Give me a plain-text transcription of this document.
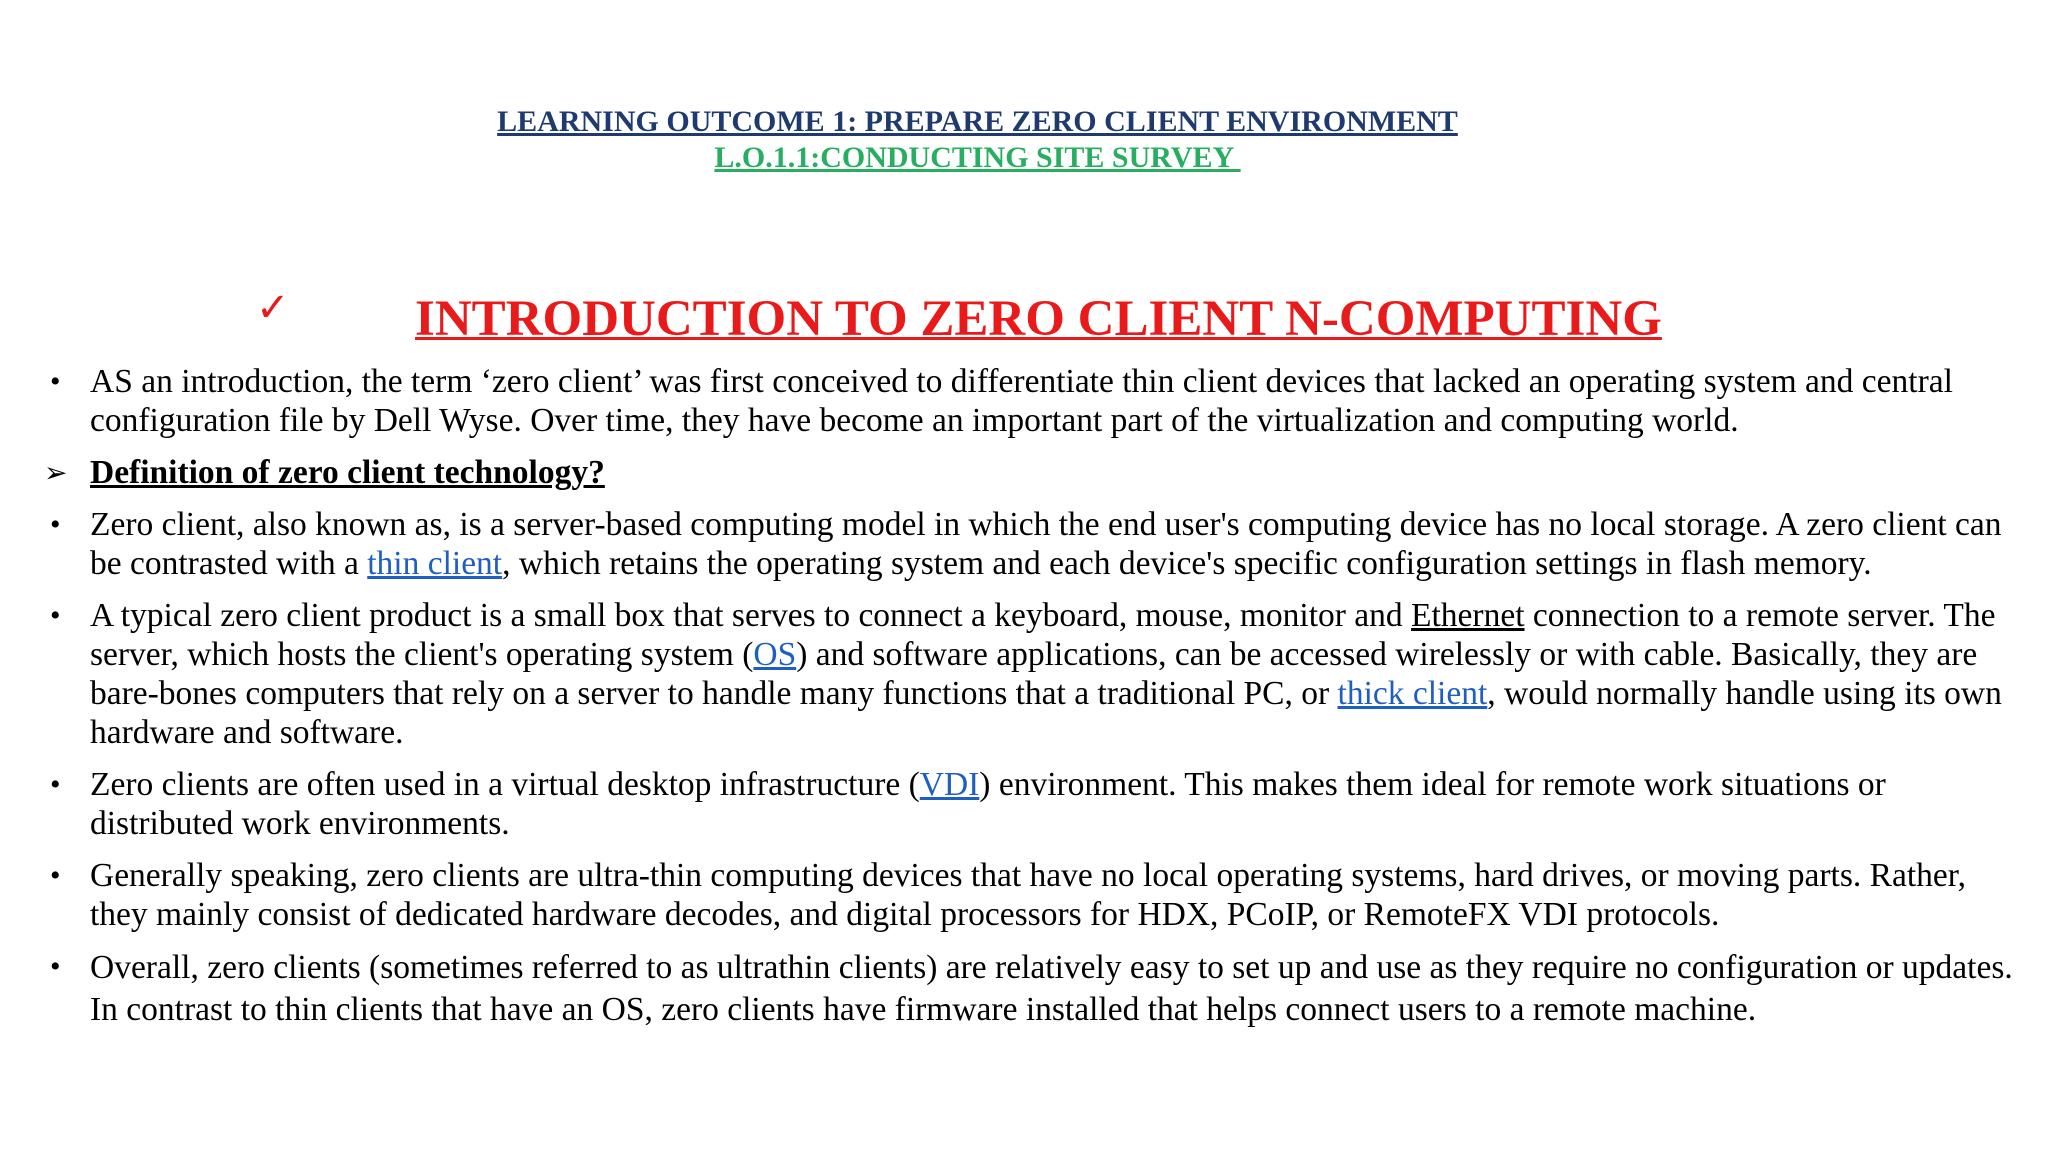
LEARNING OUTCOME 1: PREPARE ZERO CLIENT ENVIRONMENT
L.O.1.1:CONDUCTING SITE SURVEY
✓ INTRODUCTION TO ZERO CLIENT N-COMPUTING
• AS an introduction, the term ‘zero client’ was first conceived to differentiate thin client devices that lacked an operating system and central configuration file by Dell Wyse. Over time, they have become an important part of the virtualization and computing world.
➢ Definition of zero client technology?
• Zero client, also known as, is a server-based computing model in which the end user's computing device has no local storage. A zero client can be contrasted with a thin client, which retains the operating system and each device's specific configuration settings in flash memory.
• A typical zero client product is a small box that serves to connect a keyboard, mouse, monitor and Ethernet connection to a remote server. The server, which hosts the client's operating system (OS) and software applications, can be accessed wirelessly or with cable. Basically, they are bare-bones computers that rely on a server to handle many functions that a traditional PC, or thick client, would normally handle using its own hardware and software.
• Zero clients are often used in a virtual desktop infrastructure (VDI) environment. This makes them ideal for remote work situations or distributed work environments.
• Generally speaking, zero clients are ultra-thin computing devices that have no local operating systems, hard drives, or moving parts. Rather, they mainly consist of dedicated hardware decodes, and digital processors for HDX, PCoIP, or RemoteFX VDI protocols.
• Overall, zero clients (sometimes referred to as ultrathin clients) are relatively easy to set up and use as they require no configuration or updates. In contrast to thin clients that have an OS, zero clients have firmware installed that helps connect users to a remote machine.
